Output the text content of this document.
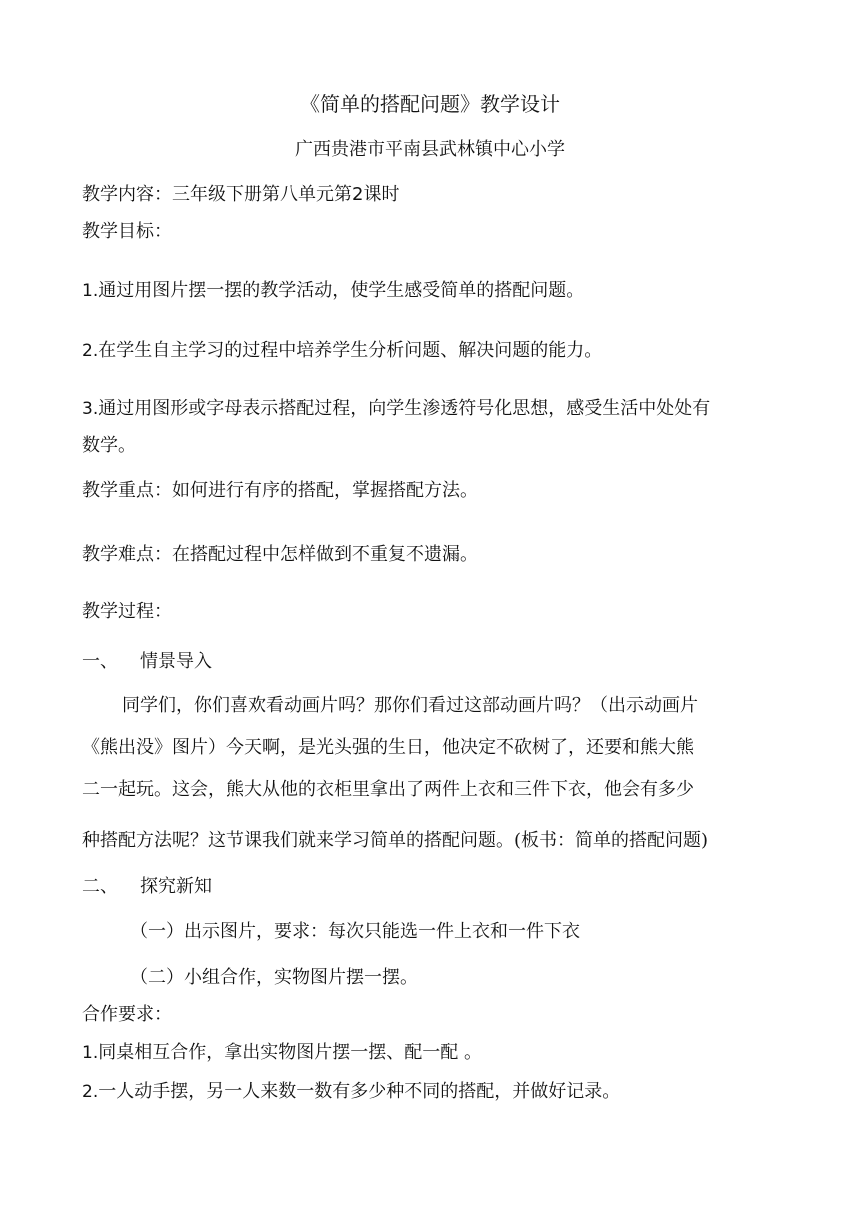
《简单的搭配问题》教学设计
广西贵港市平南县武林镇中心小学
教学内容：三年级下册第八单元第2课时
教学目标：
1.通过用图片摆一摆的教学活动，使学生感受简单的搭配问题。
2.在学生自主学习的过程中培养学生分析问题、解决问题的能力。
3.通过用图形或字母表示搭配过程，向学生渗透符号化思想，感受生活中处处有
数学。
教学重点：如何进行有序的搭配，掌握搭配方法。
教学难点：在搭配过程中怎样做到不重复不遗漏。
教学过程：
一、 情景导入
同学们，你们喜欢看动画片吗？那你们看过这部动画片吗？（出示动画片
《熊出没》图片）今天啊，是光头强的生日，他决定不砍树了，还要和熊大熊
二一起玩。这会，熊大从他的衣柜里拿出了两件上衣和三件下衣，他会有多少
种搭配方法呢？这节课我们就来学习简单的搭配问题。(板书：简单的搭配问题)
二、 探究新知
（一）出示图片，要求：每次只能选一件上衣和一件下衣
（二）小组合作，实物图片摆一摆。
合作要求：
1.同桌相互合作，拿出实物图片摆一摆、配一配 。
2.一人动手摆，另一人来数一数有多少种不同的搭配，并做好记录。
